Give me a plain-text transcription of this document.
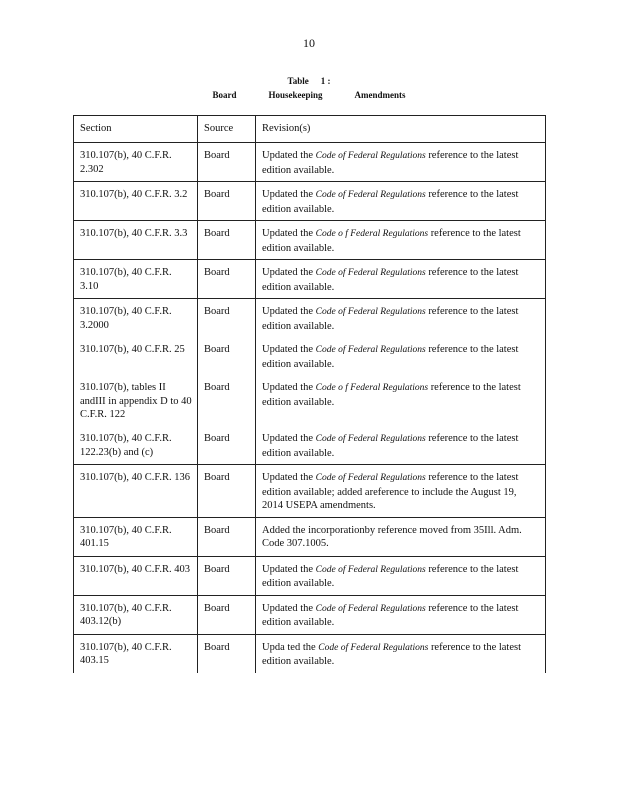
10
Table 1 :
Board	Housekeeping	Amendments
Section	Source	Revision(s)
310.107(b), 40 C.F.R. 2.302	Board	Updated the Code of Federal Regulations reference to the latest edition available.
310.107(b), 40 C.F.R. 3.2	Board	Updated the Code of Federal Regulations reference to the latest edition available.
310.107(b), 40 C.F.R. 3.3	Board	Updated the Code o f Federal Regulations reference to the latest edition available.
310.107(b), 40 C.F.R. 3.10	Board	Updated the Code of Federal Regulations reference to the latest edition available.
310.107(b), 40 C.F.R. 3.2000	Board	Updated the Code of Federal Regulations reference to the latest edition available.
310.107(b), 40 C.F.R. 25	Board	Updated the Code of Federal Regulations reference to the latest edition available.
310.107(b), tables II andIII in appendix D to 40 C.F.R. 122	Board	Updated the Code o f Federal Regulations reference to the latest edition available.
310.107(b), 40 C.F.R. 122.23(b) and (c)	Board	Updated the Code of Federal Regulations reference to the latest edition available.
310.107(b), 40 C.F.R. 136	Board	Updated the Code of Federal Regulations reference to the latest edition available; added areference to include the August 19, 2014 USEPA amendments.
310.107(b), 40 C.F.R. 401.15	Board	Added the incorporationby reference moved from 35Ill. Adm. Code 307.1005.
310.107(b), 40 C.F.R. 403	Board	Updated the Code of Federal Regulations reference to the latest edition available.
310.107(b), 40 C.F.R. 403.12(b)	Board	Updated the Code of Federal Regulations reference to the latest edition available.
310.107(b), 40 C.F.R. 403.15	Board	Upda ted the Code of Federal Regulations reference to the latest edition available.
